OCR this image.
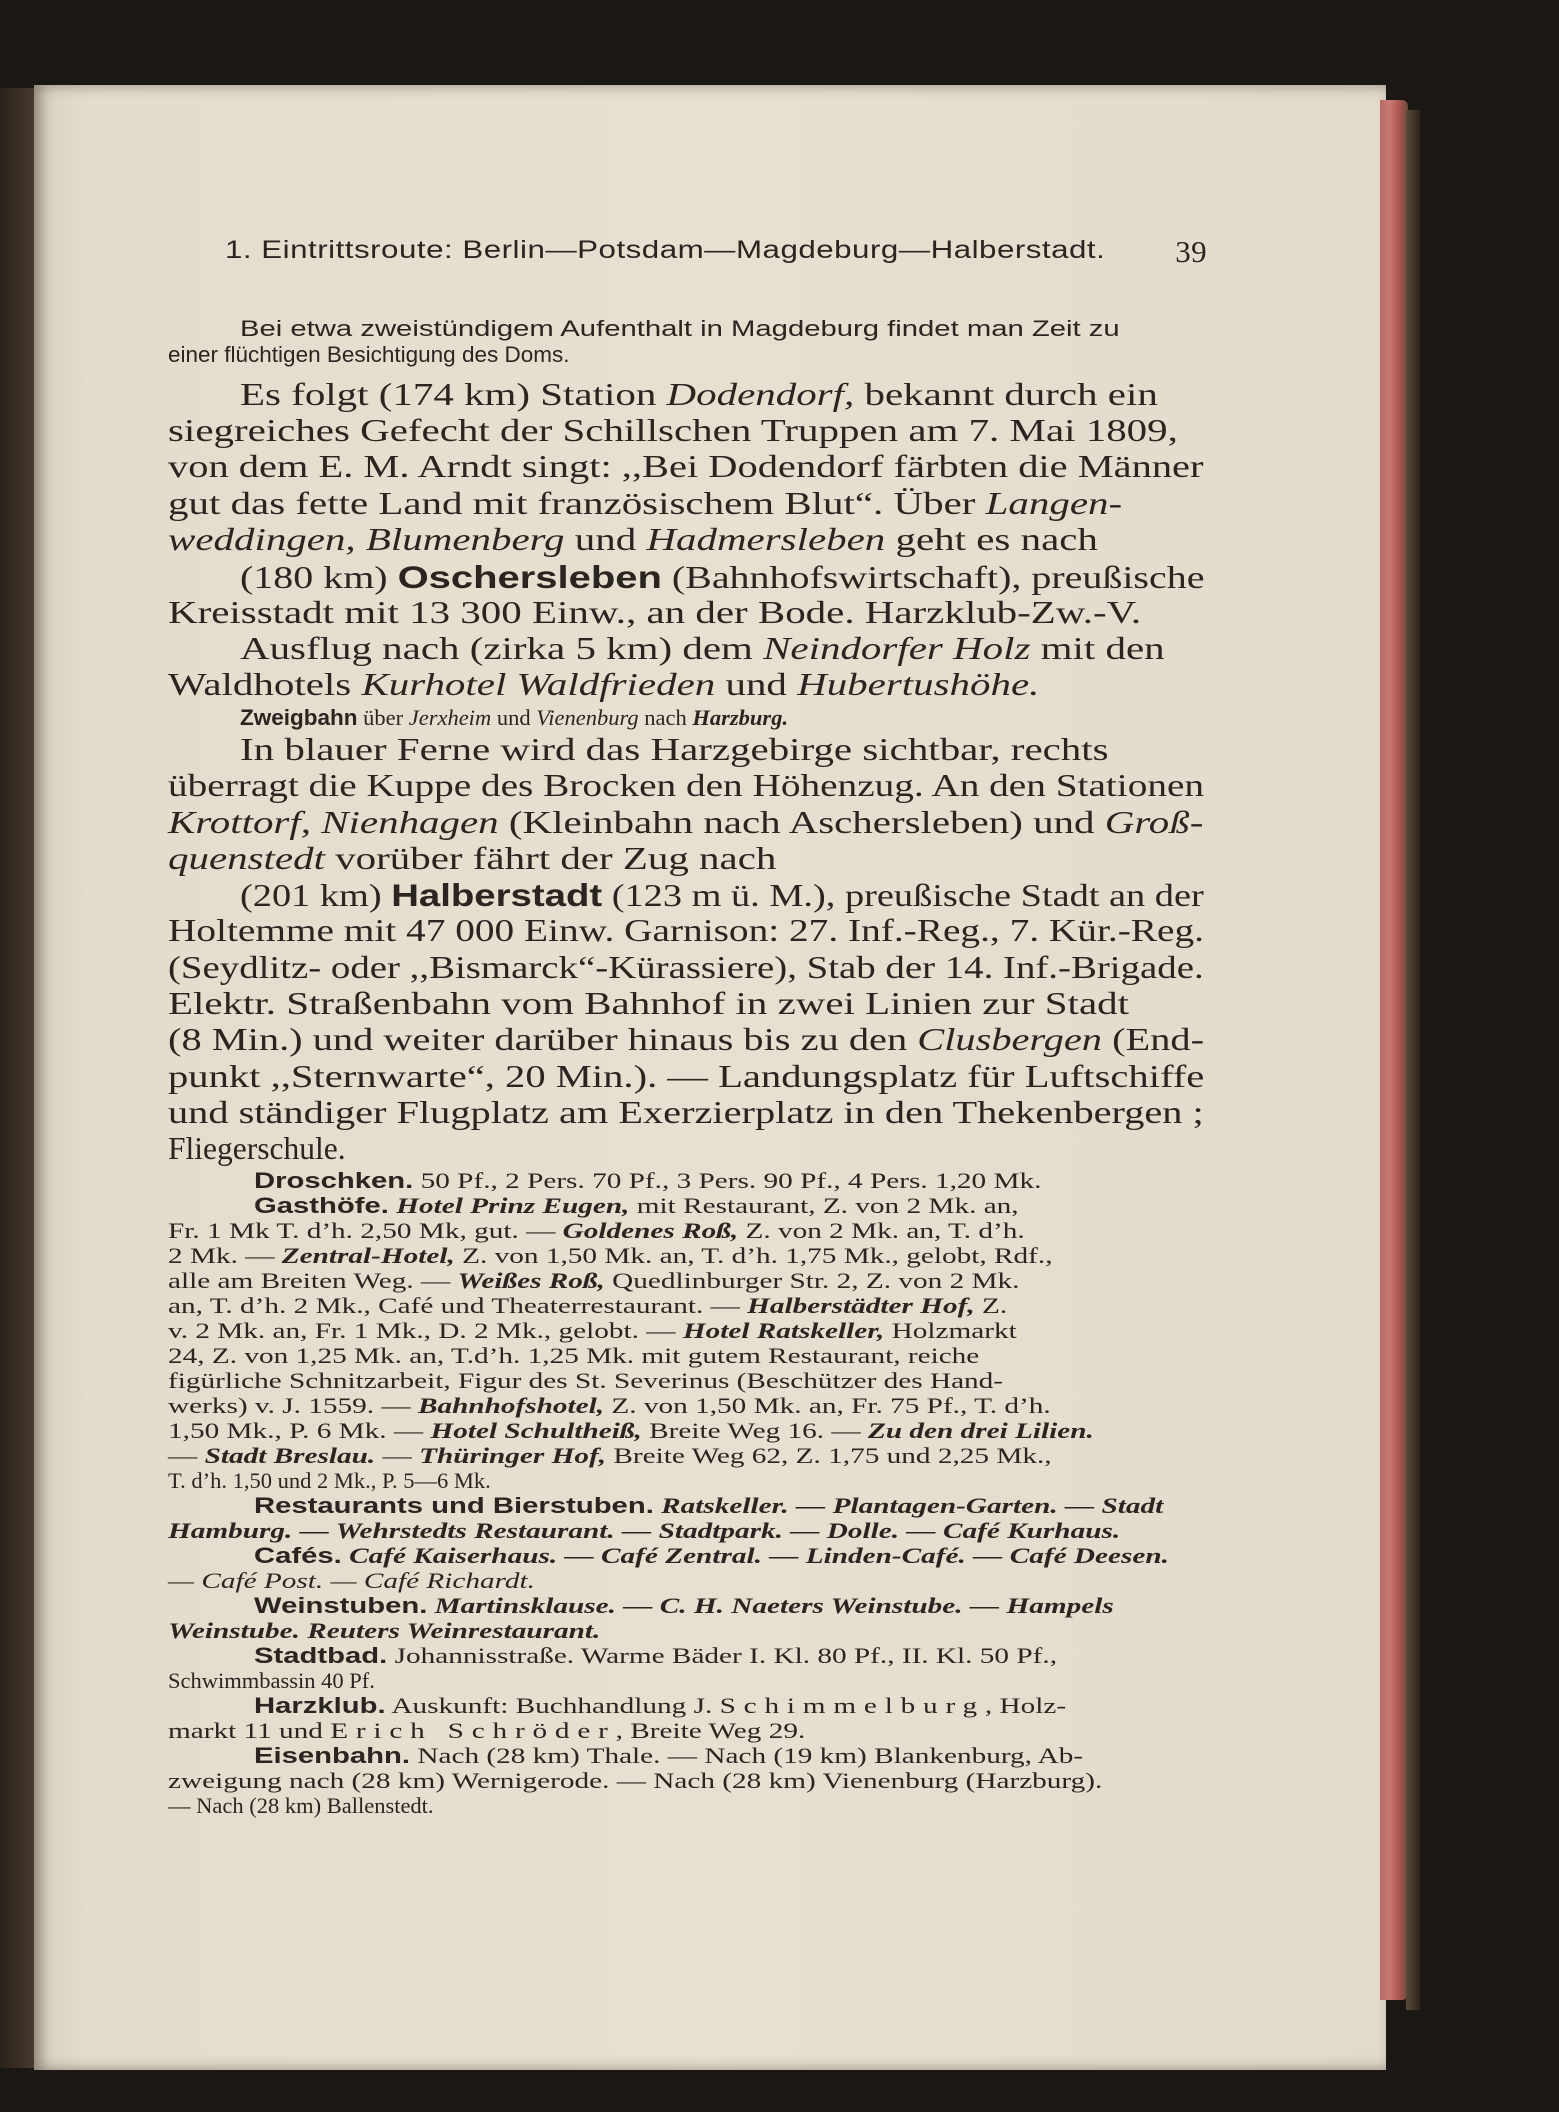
1. Eintrittsroute: Berlin—Potsdam—Magdeburg—Halberstadt. 39
Bei etwa zweistündigem Aufenthalt in Magdeburg findet man Zeit zu
einer flüchtigen Besichtigung des Doms.
Es folgt (174 km) Station Dodendorf, bekannt durch ein
siegreiches Gefecht der Schillschen Truppen am 7. Mai 1809,
von dem E. M. Arndt singt: ,,Bei Dodendorf färbten die Männer
gut das fette Land mit französischem Blut“. Über Langen-
weddingen, Blumenberg und Hadmersleben geht es nach
(180 km) Oschersleben (Bahnhofswirtschaft), preußische
Kreisstadt mit 13 300 Einw., an der Bode. Harzklub-Zw.-V.
Ausflug nach (zirka 5 km) dem Neindorfer Holz mit den
Waldhotels Kurhotel Waldfrieden und Hubertushöhe.
Zweigbahn über Jerxheim und Vienenburg nach Harzburg.
In blauer Ferne wird das Harzgebirge sichtbar, rechts
überragt die Kuppe des Brocken den Höhenzug. An den Stationen
Krottorf, Nienhagen (Kleinbahn nach Aschersleben) und Groß-
quenstedt vorüber fährt der Zug nach
(201 km) Halberstadt (123 m ü. M.), preußische Stadt an der
Holtemme mit 47 000 Einw. Garnison: 27. Inf.-Reg., 7. Kür.-Reg.
(Seydlitz- oder ,,Bismarck“-Kürassiere), Stab der 14. Inf.-Brigade.
Elektr. Straßenbahn vom Bahnhof in zwei Linien zur Stadt
(8 Min.) und weiter darüber hinaus bis zu den Clusbergen (End-
punkt ,,Sternwarte“, 20 Min.). — Landungsplatz für Luftschiffe
und ständiger Flugplatz am Exerzierplatz in den Thekenbergen ;
Fliegerschule.
Droschken. 50 Pf., 2 Pers. 70 Pf., 3 Pers. 90 Pf., 4 Pers. 1,20 Mk.
Gasthöfe. Hotel Prinz Eugen, mit Restaurant, Z. von 2 Mk. an,
Fr. 1 Mk T. d’h. 2,50 Mk, gut. — Goldenes Roß, Z. von 2 Mk. an, T. d’h.
2 Mk. — Zentral-Hotel, Z. von 1,50 Mk. an, T. d’h. 1,75 Mk., gelobt, Rdf.,
alle am Breiten Weg. — Weißes Roß, Quedlinburger Str. 2, Z. von 2 Mk.
an, T. d’h. 2 Mk., Café und Theaterrestaurant. — Halberstädter Hof, Z.
v. 2 Mk. an, Fr. 1 Mk., D. 2 Mk., gelobt. — Hotel Ratskeller, Holzmarkt
24, Z. von 1,25 Mk. an, T.d’h. 1,25 Mk. mit gutem Restaurant, reiche
figürliche Schnitzarbeit, Figur des St. Severinus (Beschützer des Hand-
werks) v. J. 1559. — Bahnhofshotel, Z. von 1,50 Mk. an, Fr. 75 Pf., T. d’h.
1,50 Mk., P. 6 Mk. — Hotel Schultheiß, Breite Weg 16. — Zu den drei Lilien.
— Stadt Breslau. — Thüringer Hof, Breite Weg 62, Z. 1,75 und 2,25 Mk.,
T. d’h. 1,50 und 2 Mk., P. 5—6 Mk.
Restaurants und Bierstuben. Ratskeller. — Plantagen-Garten. — Stadt
Hamburg. — Wehrstedts Restaurant. — Stadtpark. — Dolle. — Café Kurhaus.
Cafés. Café Kaiserhaus. — Café Zentral. — Linden-Café. — Café Deesen.
— Café Post. — Café Richardt.
Weinstuben. Martinsklause. — C. H. Naeters Weinstube. — Hampels
Weinstube. Reuters Weinrestaurant.
Stadtbad. Johannisstraße. Warme Bäder I. Kl. 80 Pf., II. Kl. 50 Pf.,
Schwimmbassin 40 Pf.
Harzklub. Auskunft: Buchhandlung J. Schimmelburg, Holz-
markt 11 und Erich Schröder, Breite Weg 29.
Eisenbahn. Nach (28 km) Thale. — Nach (19 km) Blankenburg, Ab-
zweigung nach (28 km) Wernigerode. — Nach (28 km) Vienenburg (Harzburg).
— Nach (28 km) Ballenstedt.
